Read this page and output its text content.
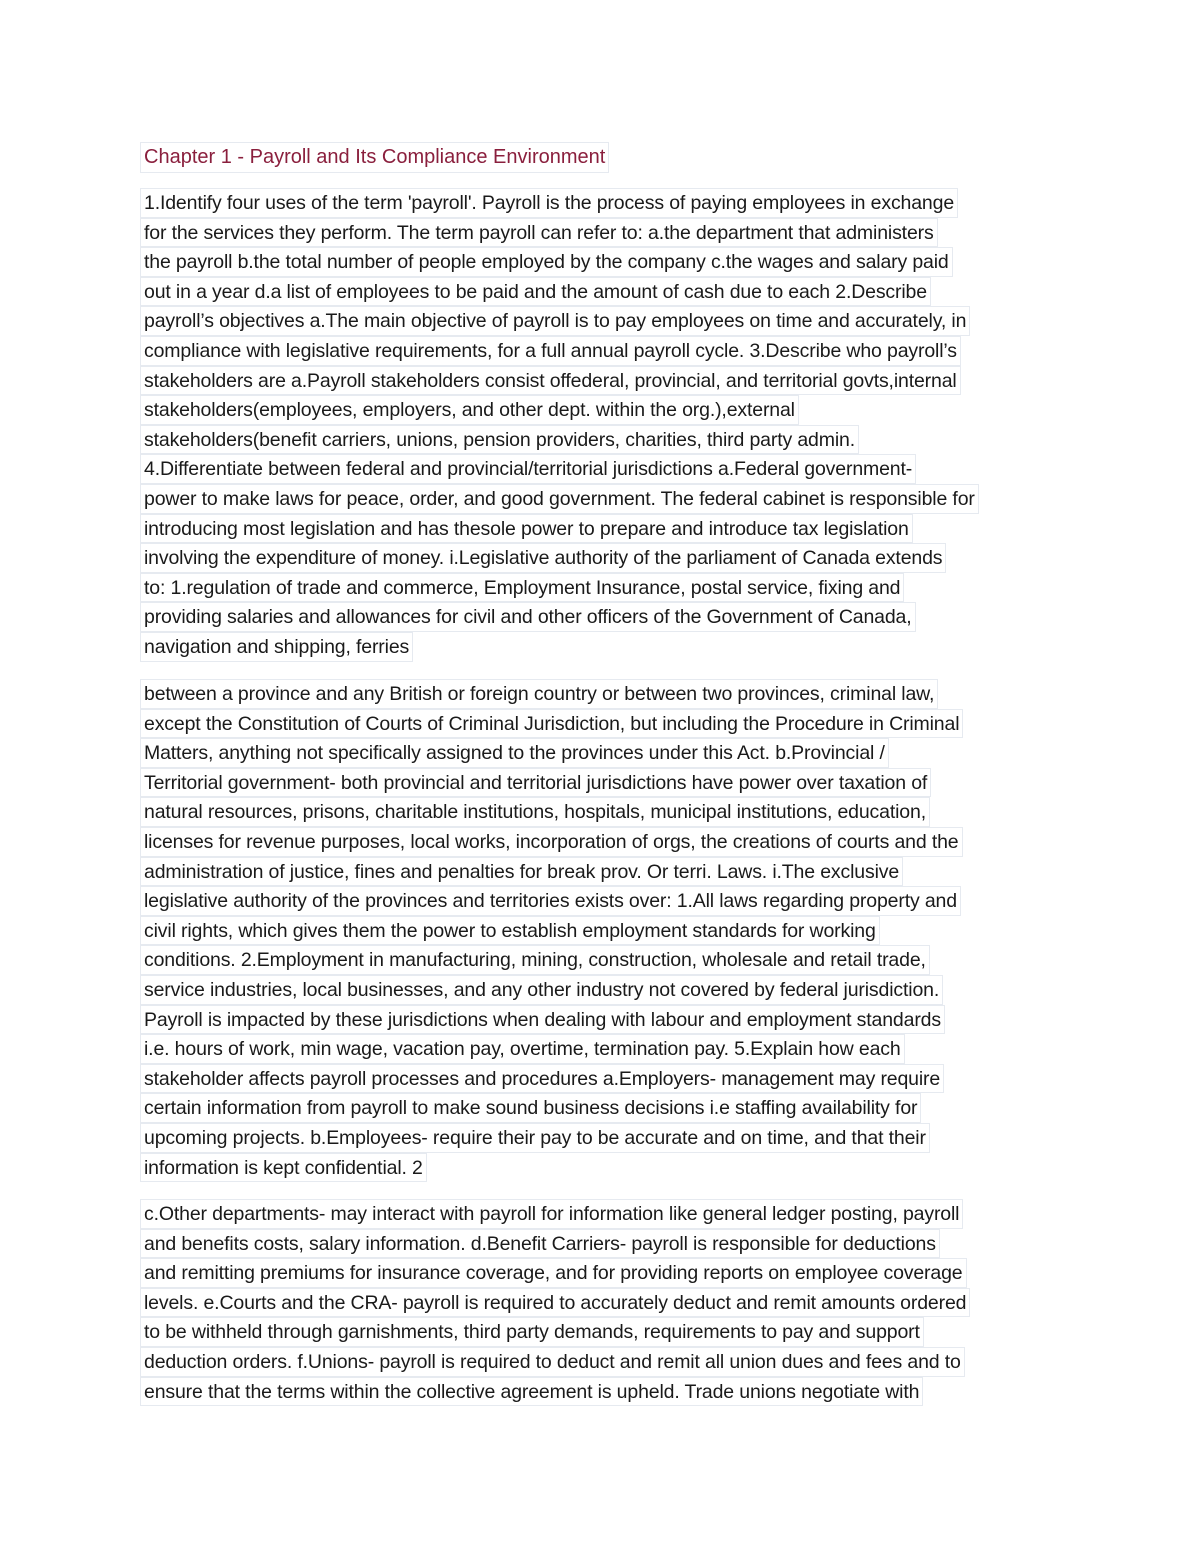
Chapter 1 - Payroll and Its Compliance Environment
1.Identify four uses of the term 'payroll'. Payroll is the process of paying employees in exchange
for the services they perform. The term payroll can refer to: a.the department that administers
the payroll b.the total number of people employed by the company c.the wages and salary paid
out in a year d.a list of employees to be paid and the amount of cash due to each 2.Describe
payroll’s objectives a.The main objective of payroll is to pay employees on time and accurately, in
compliance with legislative requirements, for a full annual payroll cycle. 3.Describe who payroll’s
stakeholders are a.Payroll stakeholders consist offederal, provincial, and territorial govts,internal
stakeholders(employees, employers, and other dept. within the org.),external
stakeholders(benefit carriers, unions, pension providers, charities, third party admin.
4.Differentiate between federal and provincial/territorial jurisdictions a.Federal government-
power to make laws for peace, order, and good government. The federal cabinet is responsible for
introducing most legislation and has thesole power to prepare and introduce tax legislation
involving the expenditure of money. i.Legislative authority of the parliament of Canada extends
to: 1.regulation of trade and commerce, Employment Insurance, postal service, fixing and
providing salaries and allowances for civil and other officers of the Government of Canada,
navigation and shipping, ferries
between a province and any British or foreign country or between two provinces, criminal law,
except the Constitution of Courts of Criminal Jurisdiction, but including the Procedure in Criminal
Matters, anything not specifically assigned to the provinces under this Act. b.Provincial /
Territorial government- both provincial and territorial jurisdictions have power over taxation of
natural resources, prisons, charitable institutions, hospitals, municipal institutions, education,
licenses for revenue purposes, local works, incorporation of orgs, the creations of courts and the
administration of justice, fines and penalties for break prov. Or terri. Laws. i.The exclusive
legislative authority of the provinces and territories exists over: 1.All laws regarding property and
civil rights, which gives them the power to establish employment standards for working
conditions. 2.Employment in manufacturing, mining, construction, wholesale and retail trade,
service industries, local businesses, and any other industry not covered by federal jurisdiction.
Payroll is impacted by these jurisdictions when dealing with labour and employment standards
i.e. hours of work, min wage, vacation pay, overtime, termination pay. 5.Explain how each
stakeholder affects payroll processes and procedures a.Employers- management may require
certain information from payroll to make sound business decisions i.e staffing availability for
upcoming projects. b.Employees- require their pay to be accurate and on time, and that their
information is kept confidential. 2
c.Other departments- may interact with payroll for information like general ledger posting, payroll
and benefits costs, salary information. d.Benefit Carriers- payroll is responsible for deductions
and remitting premiums for insurance coverage, and for providing reports on employee coverage
levels. e.Courts and the CRA- payroll is required to accurately deduct and remit amounts ordered
to be withheld through garnishments, third party demands, requirements to pay and support
deduction orders. f.Unions- payroll is required to deduct and remit all union dues and fees and to
ensure that the terms within the collective agreement is upheld. Trade unions negotiate with
